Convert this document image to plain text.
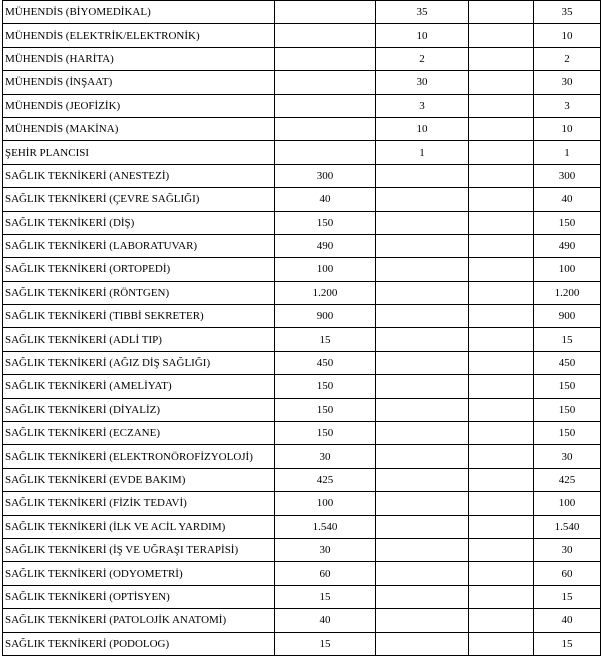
MÜHENDİS (BİYOMEDİKAL)		35		35
MÜHENDİS (ELEKTRİK/ELEKTRONİK)		10		10
MÜHENDİS (HARİTA)		2		2
MÜHENDİS (İNŞAAT)		30		30
MÜHENDİS (JEOFİZİK)		3		3
MÜHENDİS (MAKİNA)		10		10
ŞEHİR PLANCISI		1		1
SAĞLIK TEKNİKERİ (ANESTEZİ)	300			300
SAĞLIK TEKNİKERİ (ÇEVRE SAĞLIĞI)	40			40
SAĞLIK TEKNİKERİ (DİŞ)	150			150
SAĞLIK TEKNİKERİ (LABORATUVAR)	490			490
SAĞLIK TEKNİKERİ (ORTOPEDİ)	100			100
SAĞLIK TEKNİKERİ (RÖNTGEN)	1.200			1.200
SAĞLIK TEKNİKERİ (TIBBİ SEKRETER)	900			900
SAĞLIK TEKNİKERİ (ADLİ TIP)	15			15
SAĞLIK TEKNİKERİ (AĞIZ DİŞ SAĞLIĞI)	450			450
SAĞLIK TEKNİKERİ (AMELİYAT)	150			150
SAĞLIK TEKNİKERİ (DİYALİZ)	150			150
SAĞLIK TEKNİKERİ (ECZANE)	150			150
SAĞLIK TEKNİKERİ (ELEKTRONÖROFİZYOLOJİ)	30			30
SAĞLIK TEKNİKERİ (EVDE BAKIM)	425			425
SAĞLIK TEKNİKERİ (FİZİK TEDAVİ)	100			100
SAĞLIK TEKNİKERİ (İLK VE ACİL YARDIM)	1.540			1.540
SAĞLIK TEKNİKERİ (İŞ VE UĞRAŞI TERAPİSİ)	30			30
SAĞLIK TEKNİKERİ (ODYOMETRİ)	60			60
SAĞLIK TEKNİKERİ (OPTİSYEN)	15			15
SAĞLIK TEKNİKERİ (PATOLOJİK ANATOMİ)	40			40
SAĞLIK TEKNİKERİ (PODOLOG)	15			15
